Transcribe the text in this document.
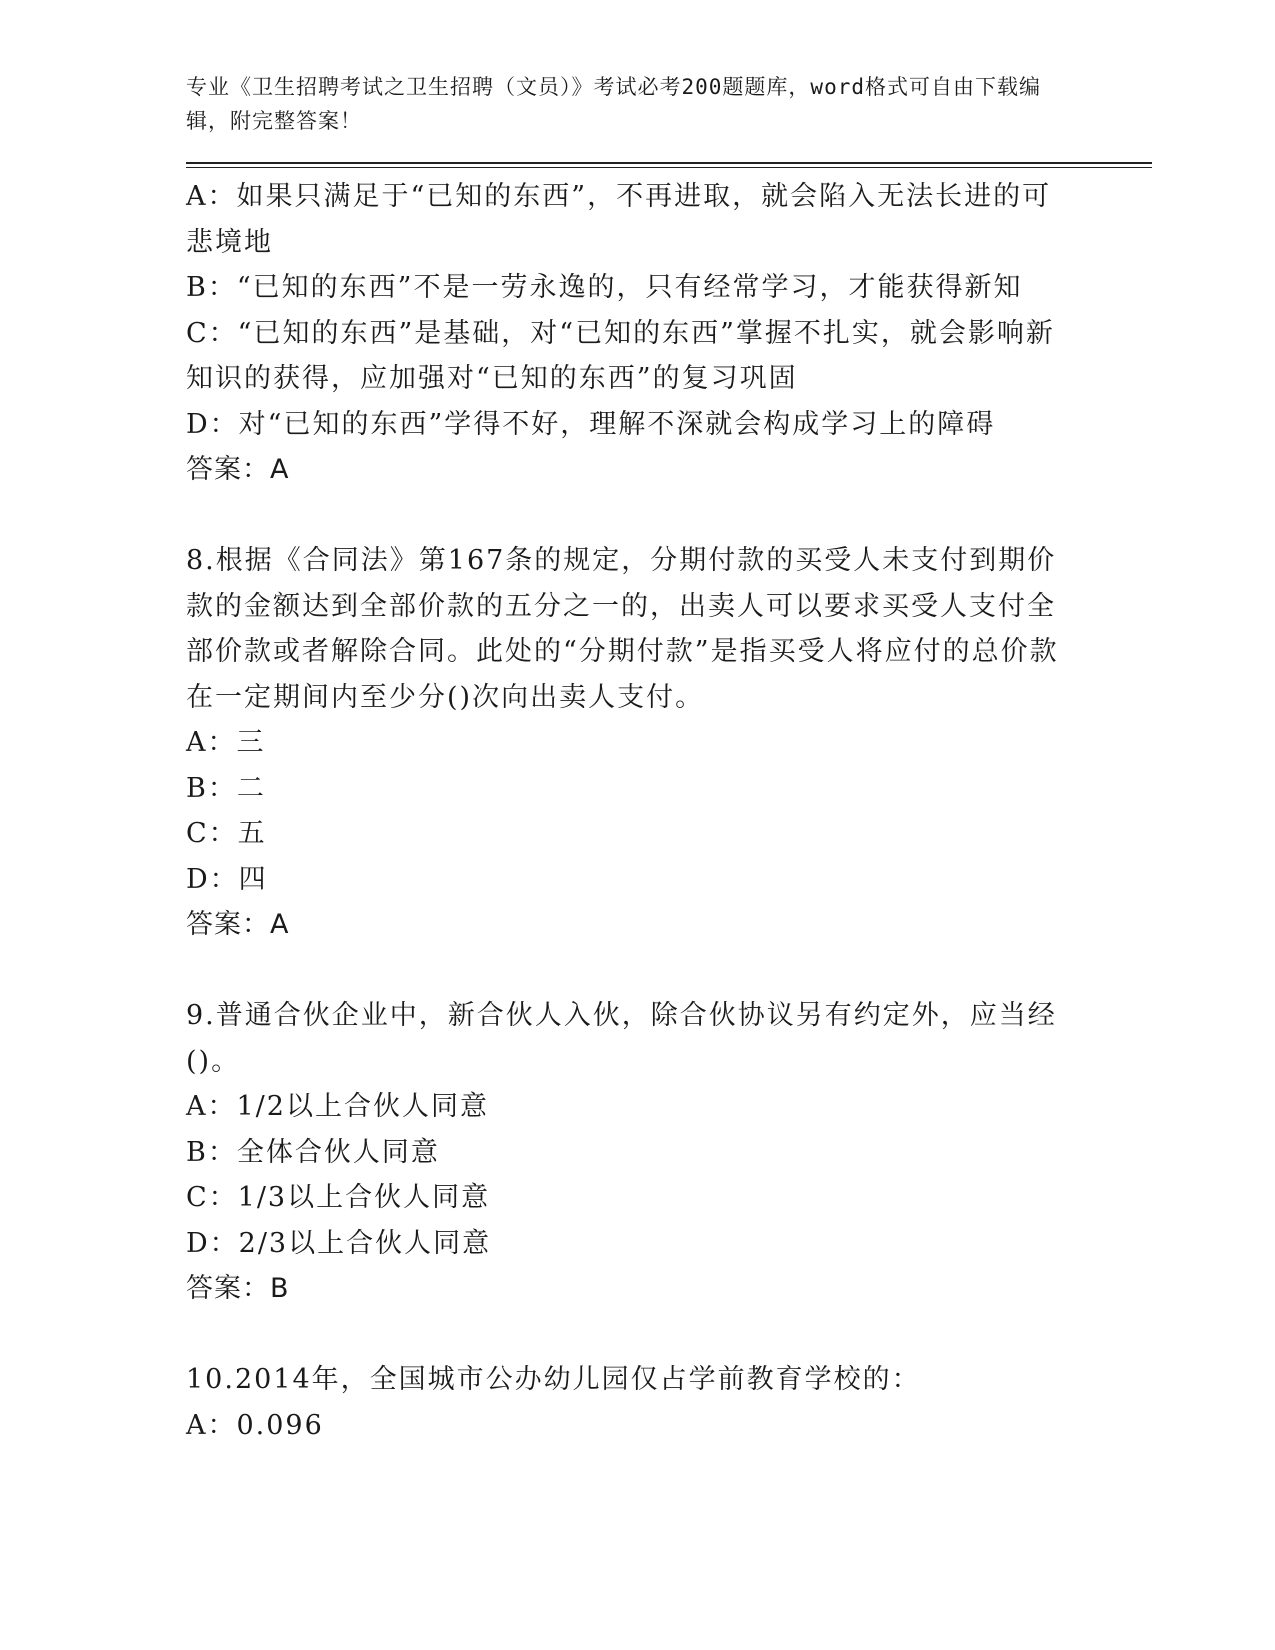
专业《卫生招聘考试之卫生招聘（文员）》考试必考200题题库，word格式可自由下载编辑，附完整答案！
A：如果只满足于“已知的东西”，不再进取，就会陷入无法长进的可悲境地
B：“已知的东西”不是一劳永逸的，只有经常学习，才能获得新知
C：“已知的东西”是基础，对“已知的东西”掌握不扎实，就会影响新知识的获得，应加强对“已知的东西”的复习巩固
D：对“已知的东西”学得不好，理解不深就会构成学习上的障碍
答案：A
8.根据《合同法》第167条的规定，分期付款的买受人未支付到期价款的金额达到全部价款的五分之一的，出卖人可以要求买受人支付全部价款或者解除合同。此处的“分期付款”是指买受人将应付的总价款在一定期间内至少分()次向出卖人支付。
A：三
B：二
C：五
D：四
答案：A
9.普通合伙企业中，新合伙人入伙，除合伙协议另有约定外，应当经()。
A：1/2以上合伙人同意
B：全体合伙人同意
C：1/3以上合伙人同意
D：2/3以上合伙人同意
答案：B
10.2014年，全国城市公办幼儿园仅占学前教育学校的：
A：0.096
